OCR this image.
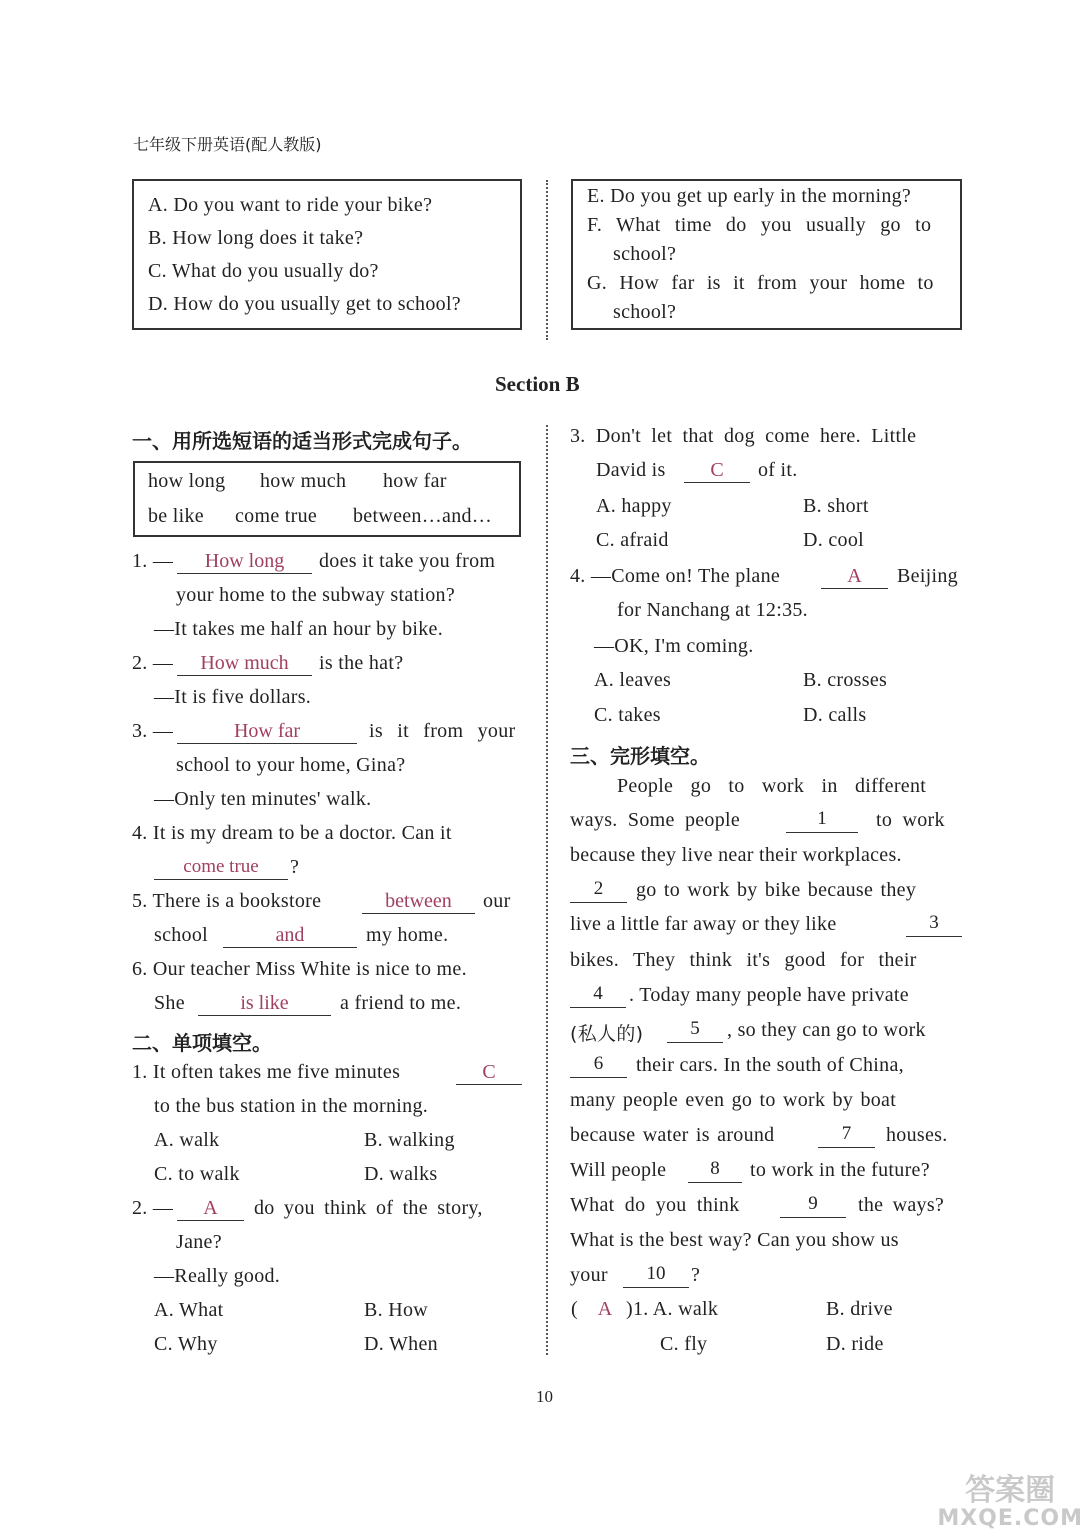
七年级下册英语(配人教版)
A. Do you want to ride your bike?
B. How long does it take?
C. What do you usually do?
D. How do you usually get to school?
E. Do you get up early in the morning?
F. What time do you usually go to
school?
G. How far is it from your home to
school?
Section B
一、用所选短语的适当形式完成句子。
how long how much how far
be like come true between…and…
1. —	How long	does it take you from
your home to the subway station?
—It takes me half an hour by bike.
2. —	How much	is the hat?
—It is five dollars.
3. —	How far	is it from your
school to your home, Gina?
—Only ten minutes' walk.
4. It is my dream to be a doctor. Can it
come true	?
5. There is a bookstore	between	our
school	and	my home.
6. Our teacher Miss White is nice to me.
She	is like	a friend to me.
二、单项填空。
1. It often takes me five minutes	C
to the bus station in the morning.
A. walk	B. walking
C. to walk	D. walks
2. —	A	do you think of the story,
Jane?
—Really good.
A. What	B. How
C. Why	D. When
3. Don't let that dog come here. Little
David is	C	of it.
A. happy	B. short
C. afraid	D. cool
4. —Come on! The plane	A	Beijing
for Nanchang at 12:35.
—OK, I'm coming.
A. leaves	B. crosses
C. takes	D. calls
三、完形填空。
People go to work in different
ways. Some people	1	to work
because they live near their workplaces.
2	go to work by bike because they
live a little far away or they like	3
bikes. They think it's good for their
4	. Today many people have private
(私人的)	5	, so they can go to work
6	their cars. In the south of China,
many people even go to work by boat
because water is around	7	houses.
Will people	8	to work in the future?
What do you think	9	the ways?
What is the best way? Can you show us
your	10	?
( A )1. A. walk	B. drive
C. fly	D. ride
10
答案圈
MXQE.COM
